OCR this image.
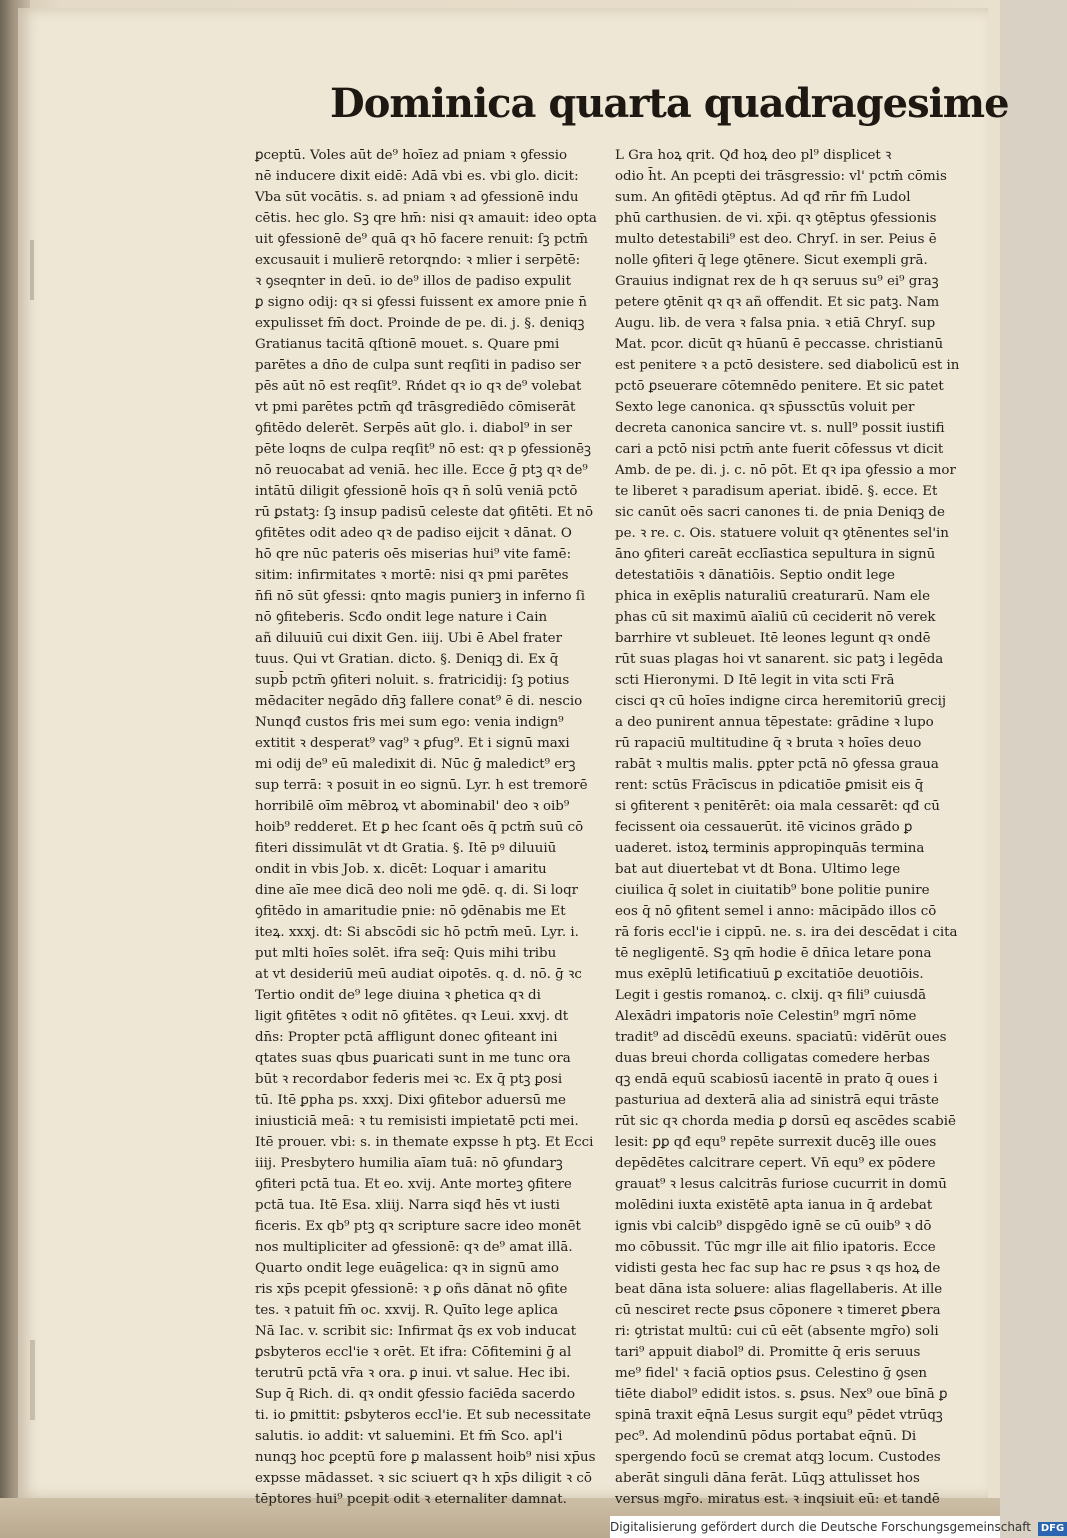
Dominica quarta quadragesime

ꝑceptū. Voles aūt de⁹ hoīez ad pniam ꝛ ꝯfessio

nē inducere dixit eidē: Adā vbi es. vbi glo. dicit:

Vba sūt vocātis. s. ad pniam ꝛ ad ꝯfessionē indu

cētis. hec glo. Sꝫ qre hm̄: nisi qꝛ amauit: ideo opta

uit ꝯfessionē de⁹ quā qꝛ hō facere renuit: ſꝫ pctm̄

excusauit i mulierē retorqndo: ꝛ mlier i serpētē:

ꝛ ꝯseqnter in deū. io de⁹ illos de padiso expulit

ꝑ signo odij: qꝛ si ꝯfessi fuissent ex amore pnie n̄

expulisset fm̄ doct. Proinde de pe. di. j. §. deniqꝫ

Gratianus tacitā qſtionē mouet. s. Quare pmi

parētes a dn̄o de culpa sunt reqſiti in padiso ser

pēs aūt nō est reqſit⁹. Rńdet qꝛ io qꝛ de⁹ volebat

vt pmi parētes pctm̄ qđ trāsgrediēdo cōmiserāt

ꝯfitēdo delerēt. Serpēs aūt glo. i. diabol⁹ in ser

pēte loqns de culpa reqſit⁹ nō est: qꝛ p ꝯfessionēꝫ

nō reuocabat ad veniā. hec ille. Ecce ḡ ptꝫ qꝛ de⁹

intātū diligit ꝯfessionē hoīs qꝛ n̄ solū veniā pctō

rū ꝑstatꝫ: ſꝫ insup padisū celeste dat ꝯfitēti. Et nō

ꝯfitētes odit adeo qꝛ de padiso eijcit ꝛ dānat. O

hō qre nūc pateris oēs miserias hui⁹ vite famē:

sitim: infirmitates ꝛ mortē: nisi qꝛ pmi parētes

n̄fi nō sūt ꝯfessi: qnto magis punierꝫ in inferno ſi

nō ꝯfiteberis. Scđo ondit lege nature i Cain

añ diluuiū cui dixit Gen. iiij. Ubi ē Abel frater

tuus. Qui vt Gratian. dicto. §. Deniqꝫ di. Ex q̄

supb̄ pctm̄ ꝯfiteri noluit. s. fratricidij: ſꝫ potius

mēdaciter negādo dn̄ꝫ fallere conat⁹ ē di. nescio

Nunqđ custos fris mei sum ego: venia indign⁹

extitit ꝛ desperat⁹ vag⁹ ꝛ ꝑfug⁹. Et i signū maxi

mi odij de⁹ eū maledixit di. Nūc ḡ maledict⁹ erꝫ

sup terrā: ꝛ posuit in eo signū. Lyr. h est tremorē

horribilē oīm mēbroꝝ vt abominabil' deo ꝛ oib⁹

hoib⁹ redderet. Et ꝑ hec ſcant oēs q̄ pctm̄ suū cō

fiteri dissimulāt vt dt Gratia. §. Itē pꝰ diluuiū

ondit in vbis Job. x. dicēt: Loquar i amaritu

dine aīe mee dicā deo noli me ꝯdē. q. di. Si loqr

ꝯfitēdo in amaritudie pnie: nō ꝯdēnabis me Et

iteꝝ. xxxj. dt: Si abscōdi sic hō pctm̄ meū. Lyr. i.

put mlti hoīes solēt. ifra seq̄: Quis mihi tribu

at vt desideriū meū audiat oipotēs. q. d. nō. ḡ ꝛc

Tertio ondit de⁹ lege diuina ꝛ ꝑhetica qꝛ di

ligit ꝯfitētes ꝛ odit nō ꝯfitētes. qꝛ Leui. xxvj. dt

dn̄s: Propter pctā affligunt donec ꝯfiteant ini

qtates suas qbus ꝑuaricati sunt in me tunc ora

būt ꝛ recordabor federis mei ꝛc. Ex q̄ ptꝫ ꝑosi

tū. Itē ꝑpha ps. xxxj. Dixi ꝯfitebor aduersū me

iniusticiā meā: ꝛ tu remisisti impietatē pcti mei.

Itē prouer. vbi: s. in themate expsse h ptꝫ. Et Ecci

iiij. Presbytero humilia aīam tuā: nō ꝯfundarꝫ

ꝯfiteri pctā tua. Et eo. xvij. Ante morteꝫ ꝯfitere

pctā tua. Itē Esa. xliij. Narra siqđ hēs vt iusti

ficeris. Ex qb⁹ ptꝫ qꝛ scripture sacre ideo monēt

nos multipliciter ad ꝯfessionē: qꝛ de⁹ amat illā.

Quarto ondit lege euāgelica: qꝛ in signū amo

ris xp̄s pcepit ꝯfessionē: ꝛ ꝑ oñs dānat nō ꝯfite

tes. ꝛ patuit fm̄ oc. xxvij. R. Quīto lege aplica

Nā Iac. v. scribit sic: Infirmat q̄s ex vob inducat

ꝑsbyteros eccl'ie ꝛ orēt. Et ifra: Cōfitemini ḡ al

terutrū pctā vr̄a ꝛ ora. ꝑ inui. vt salue. Hec ibi.

Sup q̄ Rich. di. qꝛ ondit ꝯfessio faciēda sacerdo

ti. io ꝑmittit: ꝑsbyteros eccl'ie. Et sub necessitate

salutis. io addit: vt saluemini. Et fm̄ Sco. apl'i

nunqꝫ hoc ꝑceptū fore ꝑ malassent hoib⁹ nisi xp̄us

expsse mādasset. ꝛ sic sciuert qꝛ h xp̄s diligit ꝛ cō

tēptores hui⁹ pcepit odit ꝛ eternaliter damnat.

L Gra hoꝝ qrit. Qđ hoꝝ deo pl⁹ displicet ꝛ

odio h̄t. An pcepti dei trāsgressio: vl' pctm̄ cōmis

sum. An ꝯfitēdi ꝯtēptus. Ad qđ rn̄r fm̄ Ludol

phū carthusien. de vi. xp̄i. qꝛ ꝯtēptus ꝯfessionis

multo detestabili⁹ est deo. Chryſ. in ser. Peius ē

nolle ꝯfiteri q̄ lege ꝯtēnere. Sicut exempli grā.

Grauius indignat rex de h qꝛ seruus su⁹ ei⁹ graꝫ

petere ꝯtēnit qꝛ qꝛ añ offendit. Et sic patꝫ. Nam

Augu. lib. de vera ꝛ falsa pnia. ꝛ etiā Chryſ. sup

Mat. pcor. dicūt qꝛ hūanū ē peccasse. christianū

est penitere ꝛ a pctō desistere. sed diabolicū est in

pctō ꝑseuerare cōtemnēdo penitere. Et sic patet

Sexto lege canonica. qꝛ sp̄ussctūs voluit per

decreta canonica sancire vt. s. null⁹ possit iustifi

cari a pctō nisi pctm̄ ante fuerit cōfessus vt dicit

Amb. de pe. di. j. c. nō pōt. Et qꝛ ipa ꝯfessio a mor

te liberet ꝛ paradisum aperiat. ibidē. §. ecce. Et

sic canūt oēs sacri canones ti. de pnia Deniqꝫ de

pe. ꝛ re. c. Ois. statuere voluit qꝛ ꝯtēnentes sel'in

āno ꝯfiteri careāt ecclīastica sepultura in signū

detestatiōis ꝛ dānatiōis. Septio ondit lege

phica in exēplis naturaliū creaturarū. Nam ele

phas cū sit maximū aīaliū cū ceciderit nō verek

barrhire vt subleuet. Itē leones legunt qꝛ ondē

rūt suas plagas hoi vt sanarent. sic patꝫ i legēda

scti Hieronymi. D Itē legit in vita scti Frā

cisci qꝛ cū hoīes indigne circa heremitoriū grecij

a deo punirent annua tēpestate: grādine ꝛ lupo

rū rapaciū multitudine q̄ ꝛ bruta ꝛ hoīes deuo

rabāt ꝛ multis malis. ꝑpter pctā nō ꝯfessa graua

rent: sctūs Frācīscus in pdicatiōe ꝑmisit eis q̄

si ꝯfiterent ꝛ penitērēt: oia mala cessarēt: qđ cū

fecissent oia cessauerūt. itē vicinos grādo ꝑ

uaderet. istoꝝ terminis appropinquās termina

bat aut diuertebat vt dt Bona. Ultimo lege

ciuilica q̄ solet in ciuitatib⁹ bone politie punire

eos q̄ nō ꝯfitent semel i anno: mācipādo illos cō

rā foris eccl'ie i cippū. ne. s. ira dei descēdat i cita

tē negligentē. Sꝫ qm̄ hodie ē dn̄ica letare pona

mus exēplū letificatiuū ꝑ excitatiōe deuotiōis.

Legit i gestis romanoꝝ. c. clxij. qꝛ fili⁹ cuiusdā

Alexādri imꝑatoris noīe Celestin⁹ mgrī nōme

tradit⁹ ad discēdū exeuns. spaciatū: vidērūt oues

duas breui chorda colligatas comedere herbas

qꝫ endā equū scabiosū iacentē in prato q̄ oues i

pasturiua ad dexterā alia ad sinistrā equi trāste

rūt sic qꝛ chorda media ꝑ dorsū eq ascēdes scabiē

lesit: ꝑꝑ qđ equ⁹ repēte surrexit ducēꝫ ille oues

depēdētes calcitrare cepert. Vn̄ equ⁹ ex pōdere

grauat⁹ ꝛ lesus calcitrās furiose cucurrit in domū

molēdini iuxta existētē apta ianua in q̄ ardebat

ignis vbi calcib⁹ dispgēdo ignē se cū ouib⁹ ꝛ dō

mo cōbussit. Tūc mgr ille ait filio ipatoris. Ecce

vidisti gesta hec fac sup hac re ꝑsus ꝛ qs hoꝝ de

beat dāna ista soluere: alias flagellaberis. At ille

cū nesciret recte ꝑsus cōponere ꝛ timeret ꝑbera

ri: ꝯtristat multū: cui cū eēt (absente mgr̄o) soli

tari⁹ appuit diabol⁹ di. Promitte q̄ eris seruus

me⁹ fidel' ꝛ faciā optios ꝑsus. Celestino ḡ ꝯsen

tiēte diabol⁹ edidit istos. s. ꝑsus. Nex⁹ oue bīnā ꝑ

spinā traxit eq̄nā Lesus surgit equ⁹ pēdet vtrūqꝫ

pec⁹. Ad molendinū pōdus portabat eq̄nū. Di

spergendo focū se cremat atqꝫ locum. Custodes

aberāt singuli dāna ferāt. Lūqꝫ attulisset hos

versus mgr̄o. miratus est. ꝛ inqsiuit eū: et tandē

Digitalisierung gefördert durch die Deutsche Forschungsgemeinschaft DFG
